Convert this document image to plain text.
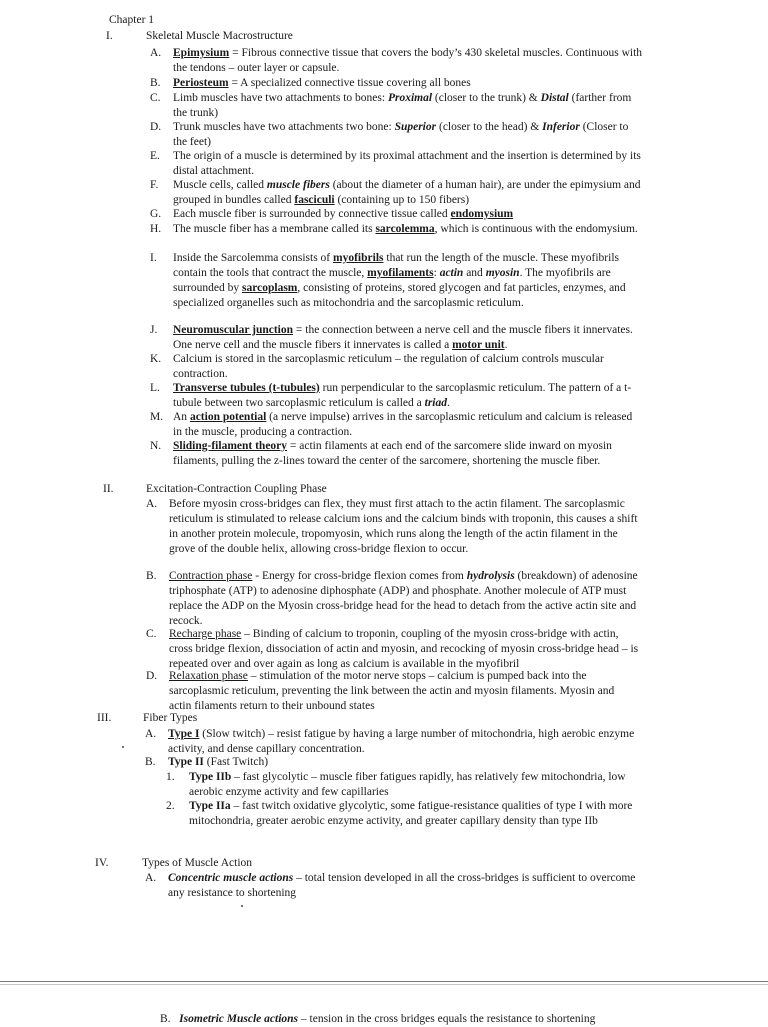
Chapter 1
I.	Skeletal Muscle Macrostructure
A. Epimysium = Fibrous connective tissue that covers the body’s 430 skeletal muscles. Continuous with the tendons – outer layer or capsule.
B. Periosteum = A specialized connective tissue covering all bones
C. Limb muscles have two attachments to bones: Proximal (closer to the trunk) & Distal (farther from the trunk)
D. Trunk muscles have two attachments two bone: Superior (closer to the head) & Inferior (Closer to the feet)
E. The origin of a muscle is determined by its proximal attachment and the insertion is determined by its distal attachment.
F. Muscle cells, called muscle fibers (about the diameter of a human hair), are under the epimysium and grouped in bundles called fasciculi (containing up to 150 fibers)
G. Each muscle fiber is surrounded by connective tissue called endomysium
H. The muscle fiber has a membrane called its sarcolemma, which is continuous with the endomysium.
I. Inside the Sarcolemma consists of myofibrils that run the length of the muscle. These myofibrils contain the tools that contract the muscle, myofilaments: actin and myosin. The myofibrils are surrounded by sarcoplasm, consisting of proteins, stored glycogen and fat particles, enzymes, and specialized organelles such as mitochondria and the sarcoplasmic reticulum.
J. Neuromuscular junction = the connection between a nerve cell and the muscle fibers it innervates. One nerve cell and the muscle fibers it innervates is called a motor unit.
K. Calcium is stored in the sarcoplasmic reticulum – the regulation of calcium controls muscular contraction.
L. Transverse tubules (t-tubules) run perpendicular to the sarcoplasmic reticulum. The pattern of a t-tubule between two sarcoplasmic reticulum is called a triad.
M. An action potential (a nerve impulse) arrives in the sarcoplasmic reticulum and calcium is released in the muscle, producing a contraction.
N. Sliding-filament theory = actin filaments at each end of the sarcomere slide inward on myosin filaments, pulling the z-lines toward the center of the sarcomere, shortening the muscle fiber.
II.	Excitation-Contraction Coupling Phase
A. Before myosin cross-bridges can flex, they must first attach to the actin filament. The sarcoplasmic reticulum is stimulated to release calcium ions and the calcium binds with troponin, this causes a shift in another protein molecule, tropomyosin, which runs along the length of the actin filament in the grove of the double helix, allowing cross-bridge flexion to occur.
B. Contraction phase - Energy for cross-bridge flexion comes from hydrolysis (breakdown) of adenosine triphosphate (ATP) to adenosine diphosphate (ADP) and phosphate. Another molecule of ATP must replace the ADP on the Myosin cross-bridge head for the head to detach from the active actin site and recock.
C. Recharge phase – Binding of calcium to troponin, coupling of the myosin cross-bridge with actin, cross bridge flexion, dissociation of actin and myosin, and recocking of myosin cross-bridge head – is repeated over and over again as long as calcium is available in the myofibril
D. Relaxation phase – stimulation of the motor nerve stops – calcium is pumped back into the sarcoplasmic reticulum, preventing the link between the actin and myosin filaments. Myosin and actin filaments return to their unbound states
III.	Fiber Types
A. Type I (Slow twitch) – resist fatigue by having a large number of mitochondria, high aerobic enzyme activity, and dense capillary concentration.
B. Type II (Fast Twitch)
1. Type IIb – fast glycolytic – muscle fiber fatigues rapidly, has relatively few mitochondria, low aerobic enzyme activity and few capillaries
2. Type IIa – fast twitch oxidative glycolytic, some fatigue-resistance qualities of type I with more mitochondria, greater aerobic enzyme activity, and greater capillary density than type IIb
IV.	Types of Muscle Action
A. Concentric muscle actions – total tension developed in all the cross-bridges is sufficient to overcome any resistance to shortening
B. Isometric Muscle actions – tension in the cross bridges equals the resistance to shortening
